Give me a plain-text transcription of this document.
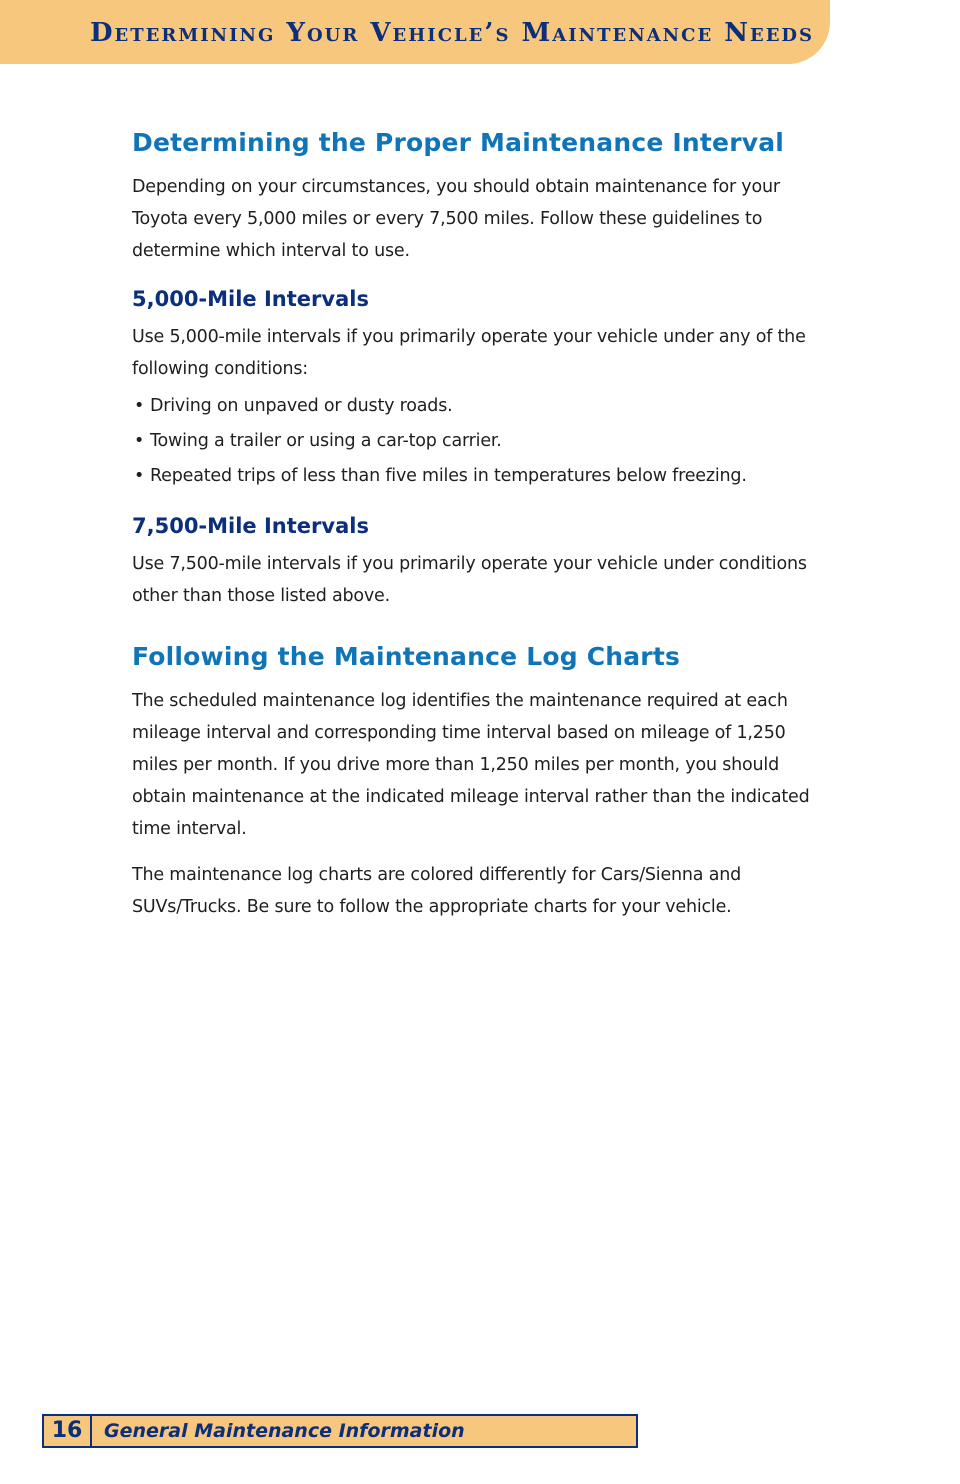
Determining Your Vehicle’s Maintenance Needs
Determining the Proper Maintenance Interval

Depending on your circumstances, you should obtain maintenance for your Toyota every 5,000 miles or every 7,500 miles. Follow these guidelines to determine which interval to use.

5,000-Mile Intervals

Use 5,000-mile intervals if you primarily operate your vehicle under any of the following conditions:

• Driving on unpaved or dusty roads.
• Towing a trailer or using a car-top carrier.
• Repeated trips of less than five miles in temperatures below freezing.
7,500-Mile Intervals

Use 7,500-mile intervals if you primarily operate your vehicle under conditions other than those listed above.

Following the Maintenance Log Charts

The scheduled maintenance log identifies the maintenance required at each mileage interval and corresponding time interval based on mileage of 1,250 miles per month. If you drive more than 1,250 miles per month, you should obtain maintenance at the indicated mileage interval rather than the indicated time interval.

The maintenance log charts are colored differently for Cars/Sienna and SUVs/Trucks. Be sure to follow the appropriate charts for your vehicle.

16	General Maintenance Information
